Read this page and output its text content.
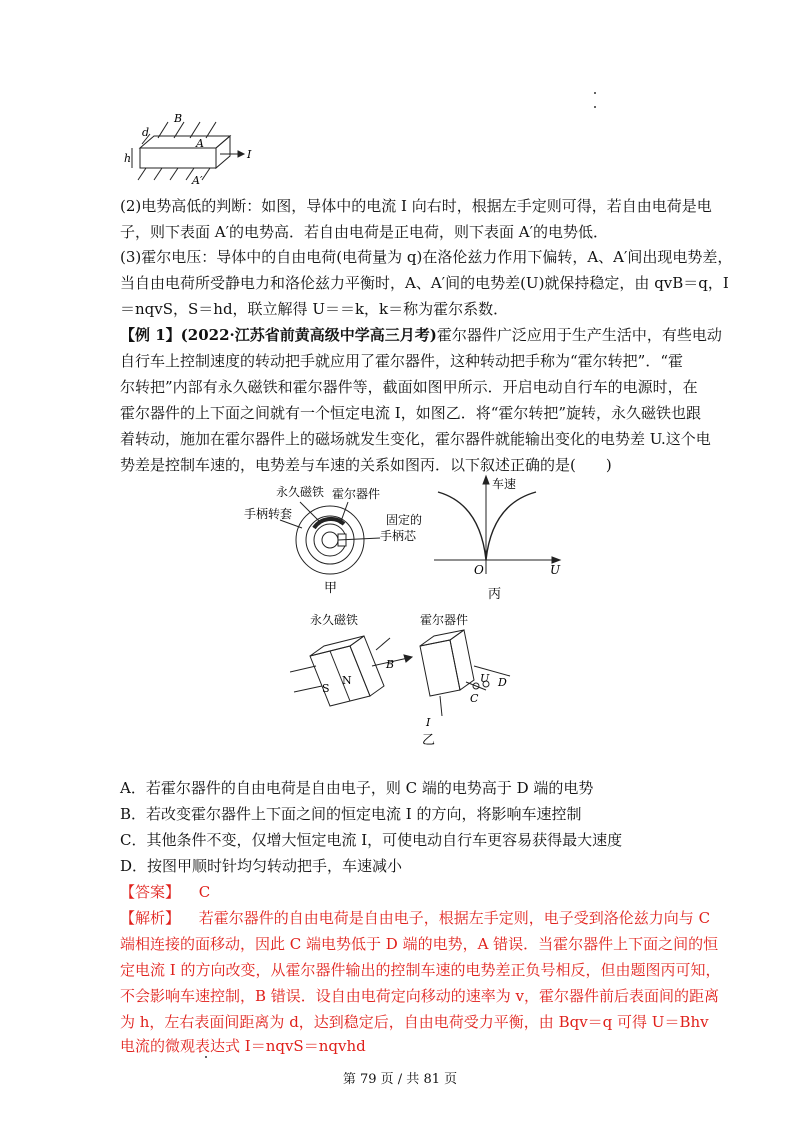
B
d
h
A
A′
I
(2)电势高低的判断：如图，导体中的电流 I 向右时，根据左手定则可得，若自由电荷是电
子，则下表面 A′的电势高．若自由电荷是正电荷，则下表面 A′的电势低．
(3)霍尔电压：导体中的自由电荷(电荷量为 q)在洛伦兹力作用下偏转，A、A′间出现电势差，
当自由电荷所受静电力和洛伦兹力平衡时，A、A′间的电势差(U)就保持稳定，由 qvB＝q，I
＝nqvS，S＝hd，联立解得 U＝＝k，k＝称为霍尔系数．
【例 1】(2022·江苏省前黄高级中学高三月考)霍尔器件广泛应用于生产生活中，有些电动
自行车上控制速度的转动把手就应用了霍尔器件，这种转动把手称为“霍尔转把”．“霍
尔转把”内部有永久磁铁和霍尔器件等，截面如图甲所示．开启电动自行车的电源时，在
霍尔器件的上下面之间就有一个恒定电流 I，如图乙．将“霍尔转把”旋转，永久磁铁也跟
着转动，施加在霍尔器件上的磁场就发生变化，霍尔器件就能输出变化的电势差 U.这个电
势差是控制车速的，电势差与车速的关系如图丙．以下叙述正确的是(　　)
永久磁铁 霍尔器件
手柄转套	固定的
手柄芯
甲
车速
O	U
丙
永久磁铁	霍尔器件
S
N
B
U D
C
I
乙
A．若霍尔器件的自由电荷是自由电子，则 C 端的电势高于 D 端的电势
B．若改变霍尔器件上下面之间的恒定电流 I 的方向，将影响车速控制
C．其他条件不变，仅增大恒定电流 I，可使电动自行车更容易获得最大速度
D．按图甲顺时针均匀转动把手，车速减小
【答案】 C
【解析】 若霍尔器件的自由电荷是自由电子，根据左手定则，电子受到洛伦兹力向与 C
端相连接的面移动，因此 C 端电势低于 D 端的电势，A 错误．当霍尔器件上下面之间的恒
定电流 I 的方向改变，从霍尔器件输出的控制车速的电势差正负号相反，但由题图丙可知，
不会影响车速控制，B 错误．设自由电荷定向移动的速率为 v，霍尔器件前后表面间的距离
为 h，左右表面间距离为 d，达到稳定后，自由电荷受力平衡，由 Bqv＝q 可得 U＝Bhv
电流的微观表达式 I＝nqvS＝nqvhd
第 79 页 / 共 81 页
